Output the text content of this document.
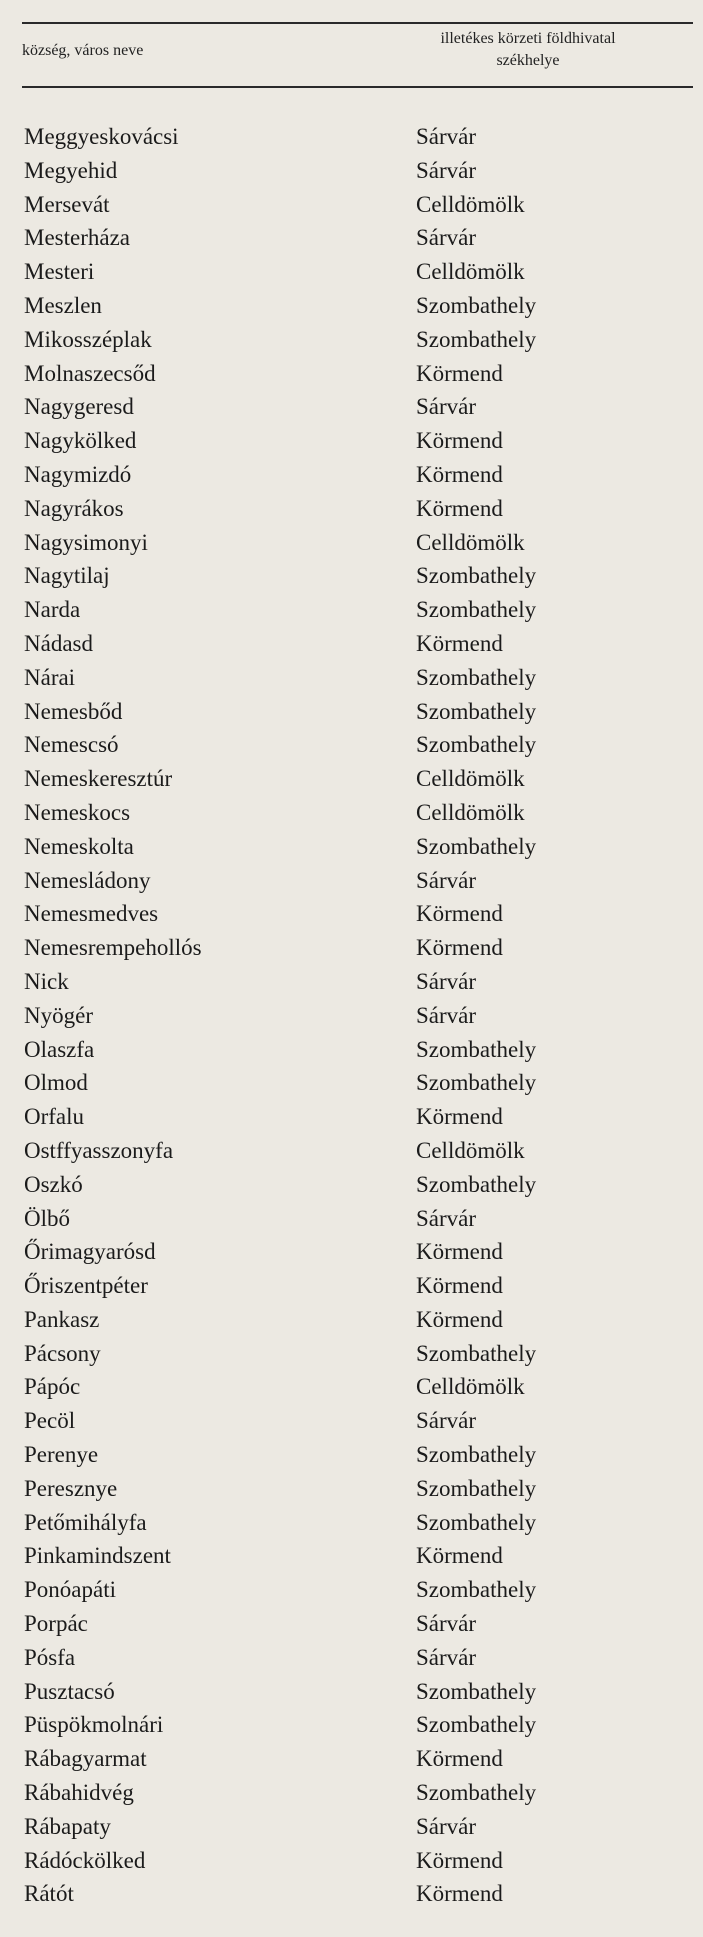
község, város neve
illetékes körzeti földhivatal
székhelye
Meggyeskovácsi	Sárvár
Megyehid	Sárvár
Mersevát	Celldömölk
Mesterháza	Sárvár
Mesteri	Celldömölk
Meszlen	Szombathely
Mikosszéplak	Szombathely
Molnaszecsőd	Körmend
Nagygeresd	Sárvár
Nagykölked	Körmend
Nagymizdó	Körmend
Nagyrákos	Körmend
Nagysimonyi	Celldömölk
Nagytilaj	Szombathely
Narda	Szombathely
Nádasd	Körmend
Nárai	Szombathely
Nemesbőd	Szombathely
Nemescsó	Szombathely
Nemeskeresztúr	Celldömölk
Nemeskocs	Celldömölk
Nemeskolta	Szombathely
Nemesládony	Sárvár
Nemesmedves	Körmend
Nemesrempehollós	Körmend
Nick	Sárvár
Nyögér	Sárvár
Olaszfa	Szombathely
Olmod	Szombathely
Orfalu	Körmend
Ostffyasszonyfa	Celldömölk
Oszkó	Szombathely
Ölbő	Sárvár
Őrimagyarósd	Körmend
Őriszentpéter	Körmend
Pankasz	Körmend
Pácsony	Szombathely
Pápóc	Celldömölk
Pecöl	Sárvár
Perenye	Szombathely
Peresznye	Szombathely
Petőmihályfa	Szombathely
Pinkamindszent	Körmend
Ponóapáti	Szombathely
Porpác	Sárvár
Pósfa	Sárvár
Pusztacsó	Szombathely
Püspökmolnári	Szombathely
Rábagyarmat	Körmend
Rábahidvég	Szombathely
Rábapaty	Sárvár
Rádóckölked	Körmend
Rátót	Körmend
